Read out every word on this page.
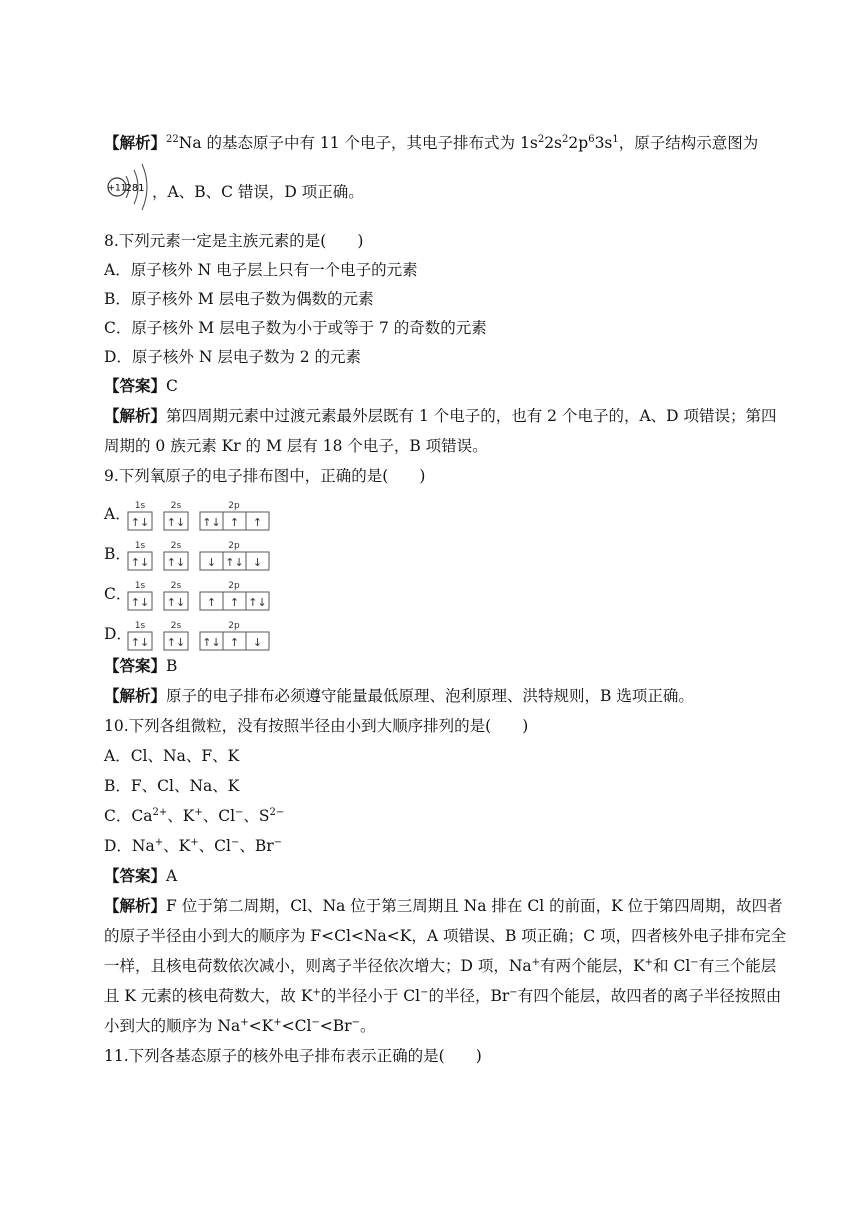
【解析】$^{22}$Na 的基态原子中有 11 个电子，其电子排布式为 $1s^22s^22p^63s^1$，原子结构示意图为
+11
281 ，A、B、C 错误，D 项正确。
8.下列元素一定是主族元素的是(　　)
A．原子核外 N 电子层上只有一个电子的元素
B．原子核外 M 层电子数为偶数的元素
C．原子核外 M 层电子数为小于或等于 7 的奇数的元素
D．原子核外 N 层电子数为 2 的元素
【答案】C
【解析】第四周期元素中过渡元素最外层既有 1 个电子的，也有 2 个电子的，A、D 项错误；第四
周期的 0 族元素 Kr 的 M 层有 18 个电子，B 项错误。
9.下列氧原子的电子排布图中，正确的是(　　)
A． 1s	2s	2p
↑↓ ↑↓ ↑↓ ↑ ↑
B． 1s	2s	2p
↑↓ ↑↓ ↓ ↑↓ ↓
C． 1s	2s	2p
↑↓ ↑↓ ↑ ↑ ↑↓
D． 1s	2s	2p
↑↓ ↑↓ ↑↓ ↑ ↓
【答案】B
【解析】原子的电子排布必须遵守能量最低原理、泡利原理、洪特规则，B 选项正确。
10.下列各组微粒，没有按照半径由小到大顺序排列的是(　　)
A．Cl、Na、F、K
B．F、Cl、Na、K
C．$Ca^{2+}$、K+、Cl−、$S^{2-}$
D．Na+、K+、Cl−、Br−
【答案】A
【解析】F 位于第二周期，Cl、Na 位于第三周期且 Na 排在 Cl 的前面，K 位于第四周期，故四者
的原子半径由小到大的顺序为 F<Cl<Na<K，A 项错误、B 项正确；C 项，四者核外电子排布完全
一样，且核电荷数依次减小，则离子半径依次增大；D 项，Na+有两个能层，K+和 Cl−有三个能层
且 K 元素的核电荷数大，故 K+的半径小于 Cl−的半径，Br−有四个能层，故四者的离子半径按照由
小到大的顺序为 Na+<K+<Cl−<Br−。
11.下列各基态原子的核外电子排布表示正确的是(　　)
